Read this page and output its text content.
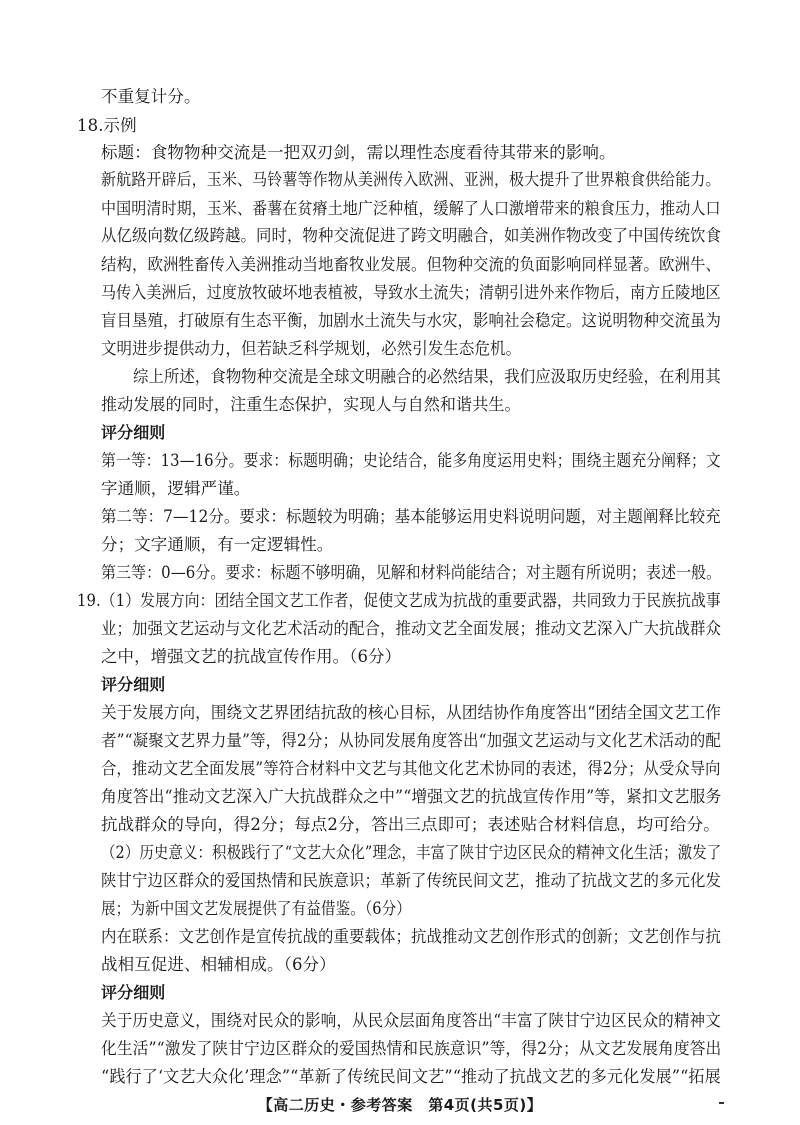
不重复计分。
18.示例
标题：食物物种交流是一把双刃剑，需以理性态度看待其带来的影响。
新航路开辟后，玉米、马铃薯等作物从美洲传入欧洲、亚洲，极大提升了世界粮食供给能力。
中国明清时期，玉米、番薯在贫瘠土地广泛种植，缓解了人口激增带来的粮食压力，推动人口
从亿级向数亿级跨越。同时，物种交流促进了跨文明融合，如美洲作物改变了中国传统饮食
结构，欧洲牲畜传入美洲推动当地畜牧业发展。但物种交流的负面影响同样显著。欧洲牛、
马传入美洲后，过度放牧破坏地表植被，导致水土流失；清朝引进外来作物后，南方丘陵地区
盲目垦殖，打破原有生态平衡，加剧水土流失与水灾，影响社会稳定。这说明物种交流虽为
文明进步提供动力，但若缺乏科学规划，必然引发生态危机。
综上所述，食物物种交流是全球文明融合的必然结果，我们应汲取历史经验，在利用其
推动发展的同时，注重生态保护，实现人与自然和谐共生。
评分细则
第一等：13—16分。要求：标题明确；史论结合，能多角度运用史料；围绕主题充分阐释；文
字通顺，逻辑严谨。
第二等：7—12分。要求：标题较为明确；基本能够运用史料说明问题，对主题阐释比较充
分；文字通顺，有一定逻辑性。
第三等：0—6分。要求：标题不够明确，见解和材料尚能结合；对主题有所说明；表述一般。
19.（1）发展方向：团结全国文艺工作者，促使文艺成为抗战的重要武器，共同致力于民族抗战事
业；加强文艺运动与文化艺术活动的配合，推动文艺全面发展；推动文艺深入广大抗战群众
之中，增强文艺的抗战宣传作用。（6分）
评分细则
关于发展方向，围绕文艺界团结抗敌的核心目标，从团结协作角度答出“团结全国文艺工作
者”“凝聚文艺界力量”等，得2分；从协同发展角度答出“加强文艺运动与文化艺术活动的配
合，推动文艺全面发展”等符合材料中文艺与其他文化艺术协同的表述，得2分；从受众导向
角度答出“推动文艺深入广大抗战群众之中”“增强文艺的抗战宣传作用”等，紧扣文艺服务
抗战群众的导向，得2分；每点2分，答出三点即可；表述贴合材料信息，均可给分。
（2）历史意义：积极践行了“文艺大众化”理念，丰富了陕甘宁边区民众的精神文化生活；激发了
陕甘宁边区群众的爱国热情和民族意识；革新了传统民间文艺，推动了抗战文艺的多元化发
展；为新中国文艺发展提供了有益借鉴。（6分）
内在联系：文艺创作是宣传抗战的重要载体；抗战推动文艺创作形式的创新；文艺创作与抗
战相互促进、相辅相成。（6分）
评分细则
关于历史意义，围绕对民众的影响，从民众层面角度答出“丰富了陕甘宁边区民众的精神文
化生活”“激发了陕甘宁边区群众的爱国热情和民族意识”等，得2分；从文艺发展角度答出
“践行了‘文艺大众化’理念”“革新了传统民间文艺”“推动了抗战文艺的多元化发展”“拓展
【高二历史・参考答案　第4页(共5页)】
